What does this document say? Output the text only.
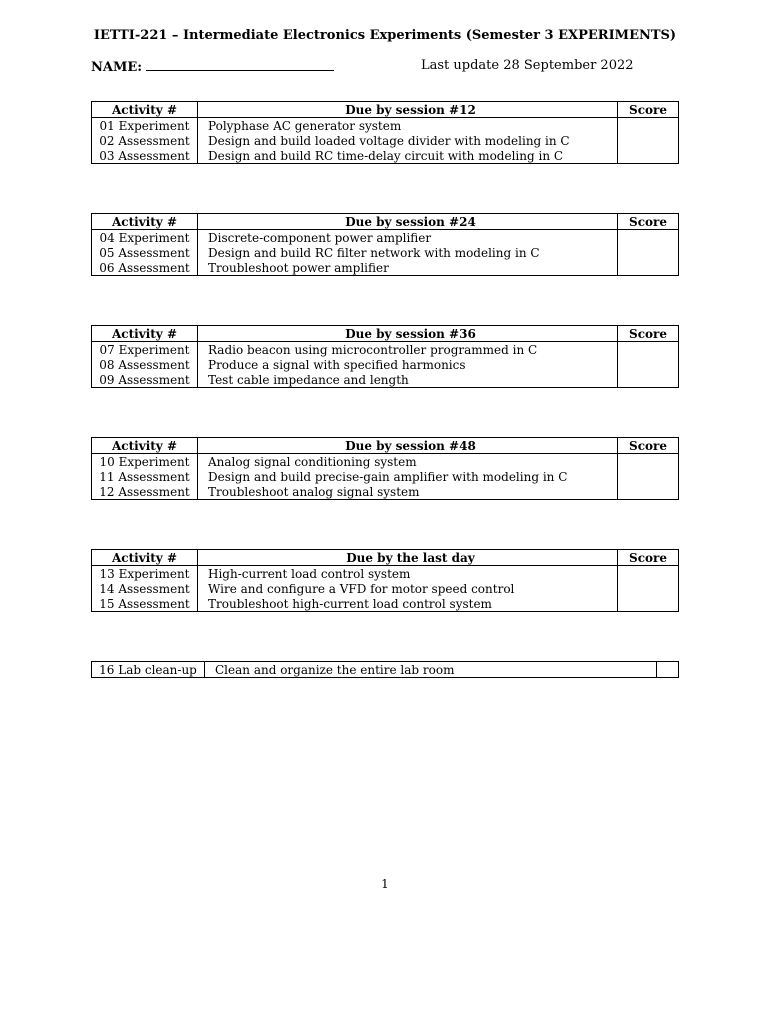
IETTI-221 – Intermediate Electronics Experiments (Semester 3 EXPERIMENTS)
NAME:	Last update 28 September 2022
Activity #	Due by session #12	Score
01 Experiment	Polyphase AC generator system	
02 Assessment	Design and build loaded voltage divider with modeling in C	
03 Assessment	Design and build RC time-delay circuit with modeling in C	
Activity #	Due by session #24	Score
04 Experiment	Discrete-component power amplifier	
05 Assessment	Design and build RC filter network with modeling in C	
06 Assessment	Troubleshoot power amplifier	
Activity #	Due by session #36	Score
07 Experiment	Radio beacon using microcontroller programmed in C	
08 Assessment	Produce a signal with specified harmonics	
09 Assessment	Test cable impedance and length	
Activity #	Due by session #48	Score
10 Experiment	Analog signal conditioning system	
11 Assessment	Design and build precise-gain amplifier with modeling in C	
12 Assessment	Troubleshoot analog signal system	
Activity #	Due by the last day	Score
13 Experiment	High-current load control system	
14 Assessment	Wire and configure a VFD for motor speed control	
15 Assessment	Troubleshoot high-current load control system	
16 Lab clean-up	Clean and organize the entire lab room	
1
